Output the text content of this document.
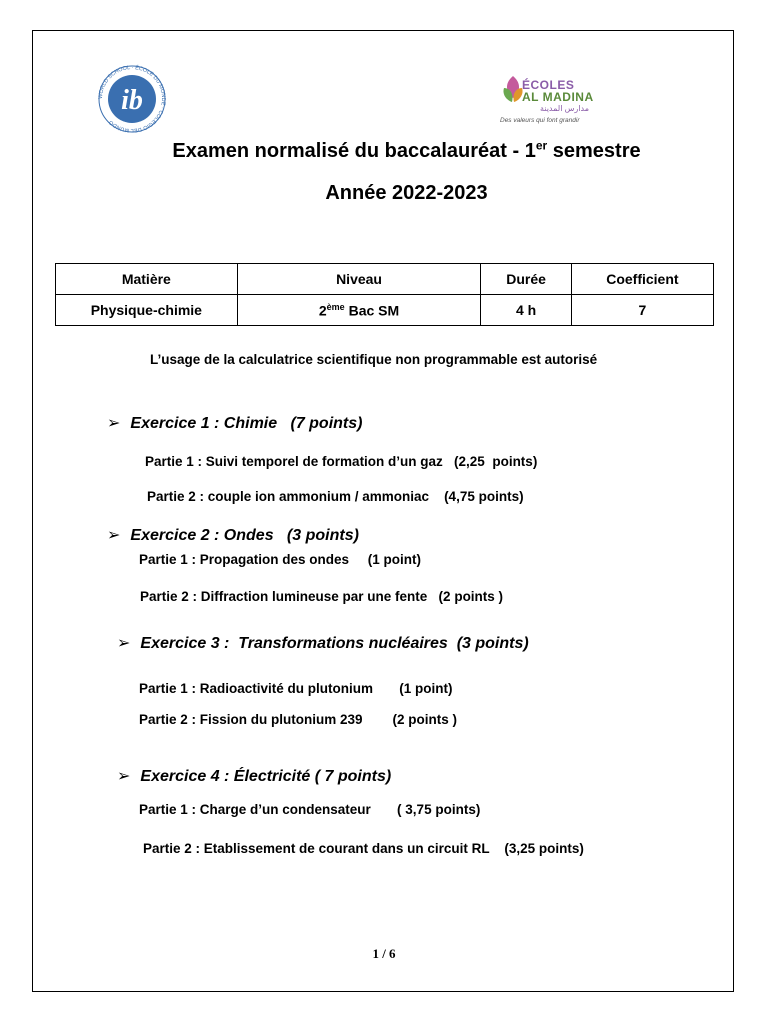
WORLD SCHOOL · ÉCOLE DU MONDE · COLEGIO DEL MUNDO
ib	ÉCOLES
AL MADINA
مدارس المدينة
Des valeurs qui font grandir
Examen normalisé du baccalauréat - 1er semestre
Année 2022-2023
Matière	Niveau	Durée	Coefficient
Physique-chimie	2ème Bac SM	4 h	7
L’usage de la calculatrice scientifique non programmable est autorisé
➢ Exercice 1 : Chimie   (7 points)
Partie 1 : Suivi temporel de formation d’un gaz   (2,25  points)
Partie 2 : couple ion ammonium / ammoniac    (4,75 points)
➢ Exercice 2 : Ondes   (3 points)
Partie 1 : Propagation des ondes     (1 point)
Partie 2 : Diffraction lumineuse par une fente   (2 points )
➢ Exercice 3 :  Transformations nucléaires  (3 points)
Partie 1 : Radioactivité du plutonium       (1 point)
Partie 2 : Fission du plutonium 239        (2 points )
➢ Exercice 4 : Électricité ( 7 points)
Partie 1 : Charge d’un condensateur       ( 3,75 points)
Partie 2 : Etablissement de courant dans un circuit RL    (3,25 points)
1 / 6
